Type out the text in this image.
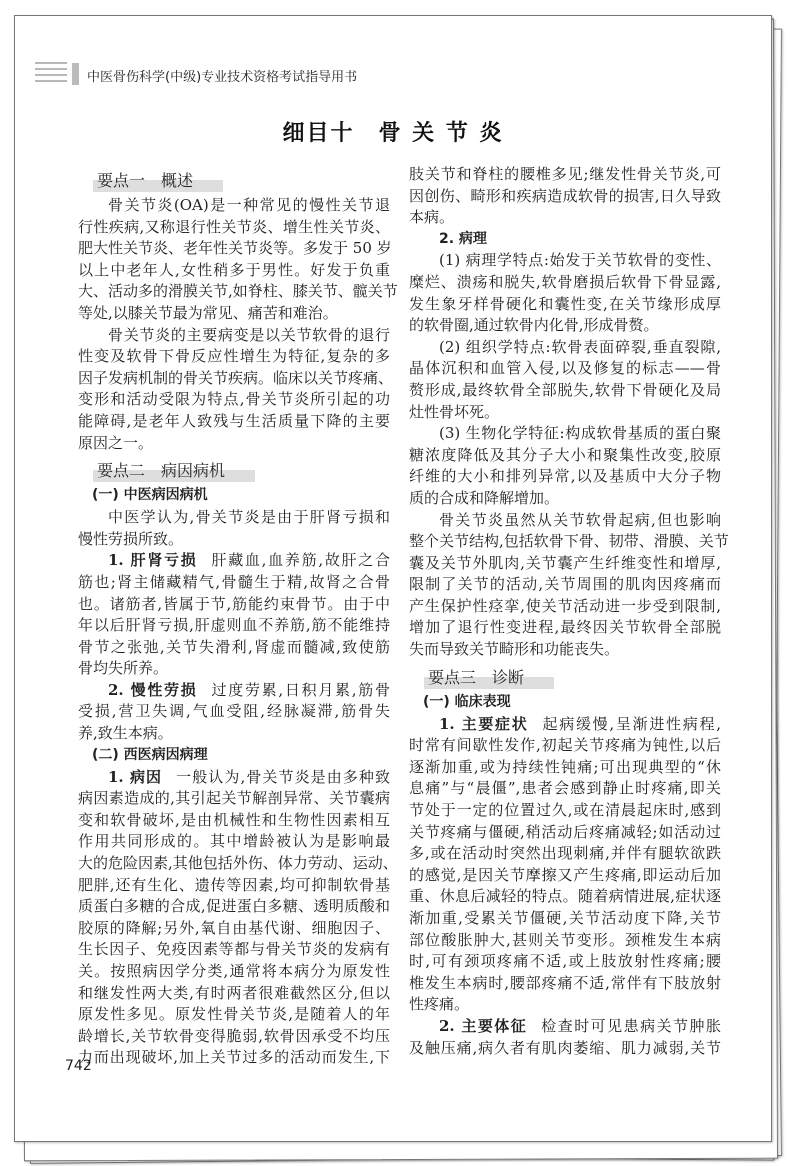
中医骨伤科学(中级)专业技术资格考试指导用书
细目十　骨 关 节 炎
要点一　概述

骨关节炎(OA)是一种常见的慢性关节退
行性疾病,又称退行性关节炎、增生性关节炎、
肥大性关节炎、老年性关节炎等。多发于 50 岁
以上中老年人,女性稍多于男性。好发于负重
大、活动多的滑膜关节,如脊柱、膝关节、髋关节
等处,以膝关节最为常见、痛苦和难治。
骨关节炎的主要病变是以关节软骨的退行
性变及软骨下骨反应性增生为特征,复杂的多
因子发病机制的骨关节疾病。临床以关节疼痛、
变形和活动受限为特点,骨关节炎所引起的功
能障碍,是老年人致残与生活质量下降的主要
原因之一。
要点二　病因病机

(一) 中医病因病机
中医学认为,骨关节炎是由于肝肾亏损和
慢性劳损所致。
1. 肝肾亏损 肝藏血,血养筋,故肝之合
筋也;肾主储藏精气,骨髓生于精,故肾之合骨
也。诸筋者,皆属于节,筋能约束骨节。由于中
年以后肝肾亏损,肝虚则血不养筋,筋不能维持
骨节之张弛,关节失滑利,肾虚而髓减,致使筋
骨均失所养。
2. 慢性劳损 过度劳累,日积月累,筋骨
受损,营卫失调,气血受阻,经脉凝滞,筋骨失
养,致生本病。
(二) 西医病因病理
1. 病因 一般认为,骨关节炎是由多种致
病因素造成的,其引起关节解剖异常、关节囊病
变和软骨破坏,是由机械性和生物性因素相互
作用共同形成的。其中增龄被认为是影响最
大的危险因素,其他包括外伤、体力劳动、运动、
肥胖,还有生化、遗传等因素,均可抑制软骨基
质蛋白多糖的合成,促进蛋白多糖、透明质酸和
胶原的降解;另外,氧自由基代谢、细胞因子、
生长因子、免疫因素等都与骨关节炎的发病有
关。按照病因学分类,通常将本病分为原发性
和继发性两大类,有时两者很难截然区分,但以
原发性多见。原发性骨关节炎,是随着人的年
龄增长,关节软骨变得脆弱,软骨因承受不均压
力而出现破坏,加上关节过多的活动而发生,下
肢关节和脊柱的腰椎多见;继发性骨关节炎,可
因创伤、畸形和疾病造成软骨的损害,日久导致
本病。
2. 病理
(1) 病理学特点:始发于关节软骨的变性、
糜烂、溃疡和脱失,软骨磨损后软骨下骨显露,
发生象牙样骨硬化和囊性变,在关节缘形成厚
的软骨圈,通过软骨内化骨,形成骨赘。
(2) 组织学特点:软骨表面碎裂,垂直裂隙,
晶体沉积和血管入侵,以及修复的标志——骨
赘形成,最终软骨全部脱失,软骨下骨硬化及局
灶性骨坏死。
(3) 生物化学特征:构成软骨基质的蛋白聚
糖浓度降低及其分子大小和聚集性改变,胶原
纤维的大小和排列异常,以及基质中大分子物
质的合成和降解增加。
骨关节炎虽然从关节软骨起病,但也影响
整个关节结构,包括软骨下骨、韧带、滑膜、关节
囊及关节外肌肉,关节囊产生纤维变性和增厚,
限制了关节的活动,关节周围的肌肉因疼痛而
产生保护性痉挛,使关节活动进一步受到限制,
增加了退行性变进程,最终因关节软骨全部脱
失而导致关节畸形和功能丧失。
要点三　诊断

(一) 临床表现
1. 主要症状 起病缓慢,呈渐进性病程,
时常有间歇性发作,初起关节疼痛为钝性,以后
逐渐加重,或为持续性钝痛;可出现典型的“休
息痛”与“晨僵”,患者会感到静止时疼痛,即关
节处于一定的位置过久,或在清晨起床时,感到
关节疼痛与僵硬,稍活动后疼痛减轻;如活动过
多,或在活动时突然出现刺痛,并伴有腿软欲跌
的感觉,是因关节摩擦又产生疼痛,即运动后加
重、休息后减轻的特点。随着病情进展,症状逐
渐加重,受累关节僵硬,关节活动度下降,关节
部位酸胀肿大,甚则关节变形。颈椎发生本病
时,可有颈项疼痛不适,或上肢放射性疼痛;腰
椎发生本病时,腰部疼痛不适,常伴有下肢放射
性疼痛。
2. 主要体征 检查时可见患病关节肿胀
及触压痛,病久者有肌肉萎缩、肌力减弱,关节
742
